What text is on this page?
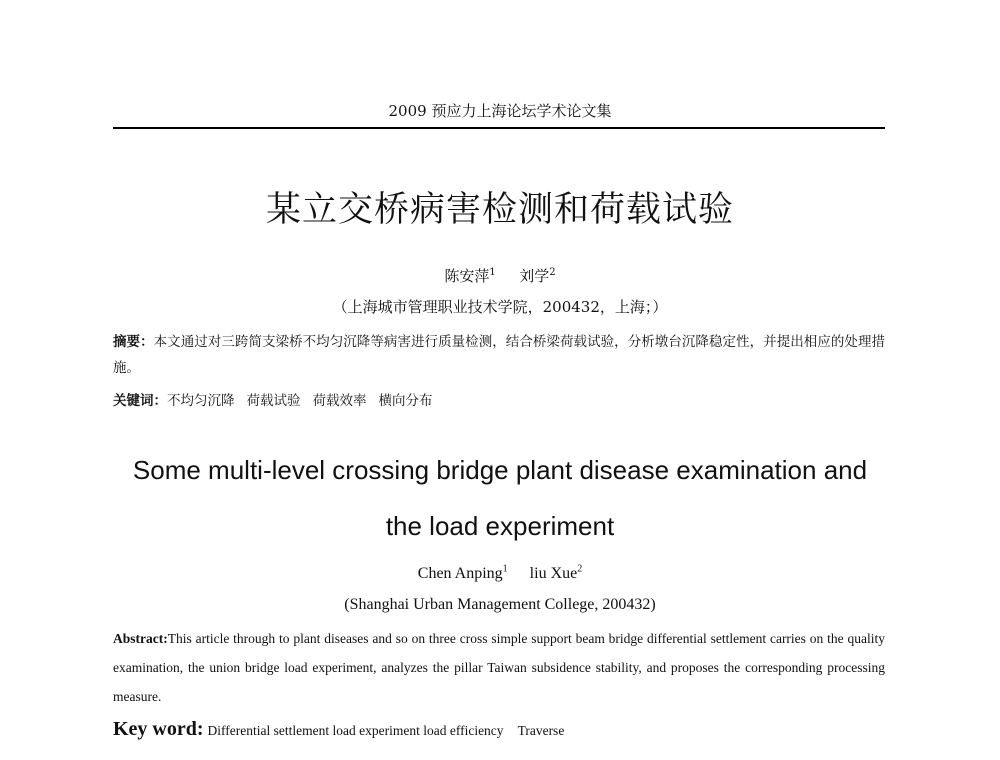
2009 预应力上海论坛学术论文集
某立交桥病害检测和荷载试验
陈安萍$^1$ 刘学$^2$
（上海城市管理职业技术学院，200432，上海；）
摘要：本文通过对三跨简支梁桥不均匀沉降等病害进行质量检测，结合桥梁荷载试验，分析墩台沉降稳定性，并提出相应的处理措施。
关键词：不均匀沉降 荷载试验 荷载效率 横向分布
Some multi-level crossing bridge plant disease examination and
the load experiment
Chen Anping$^1$ liu Xue$^2$
(Shanghai Urban Management College, 200432)
Abstract:This article through to plant diseases and so on three cross simple support beam bridge differential settlement carries on the quality examination, the union bridge load experiment, analyzes the pillar Taiwan subsidence stability, and proposes the corresponding processing measure.
Key word: Differential settlement load experiment load efficiency Traverse
